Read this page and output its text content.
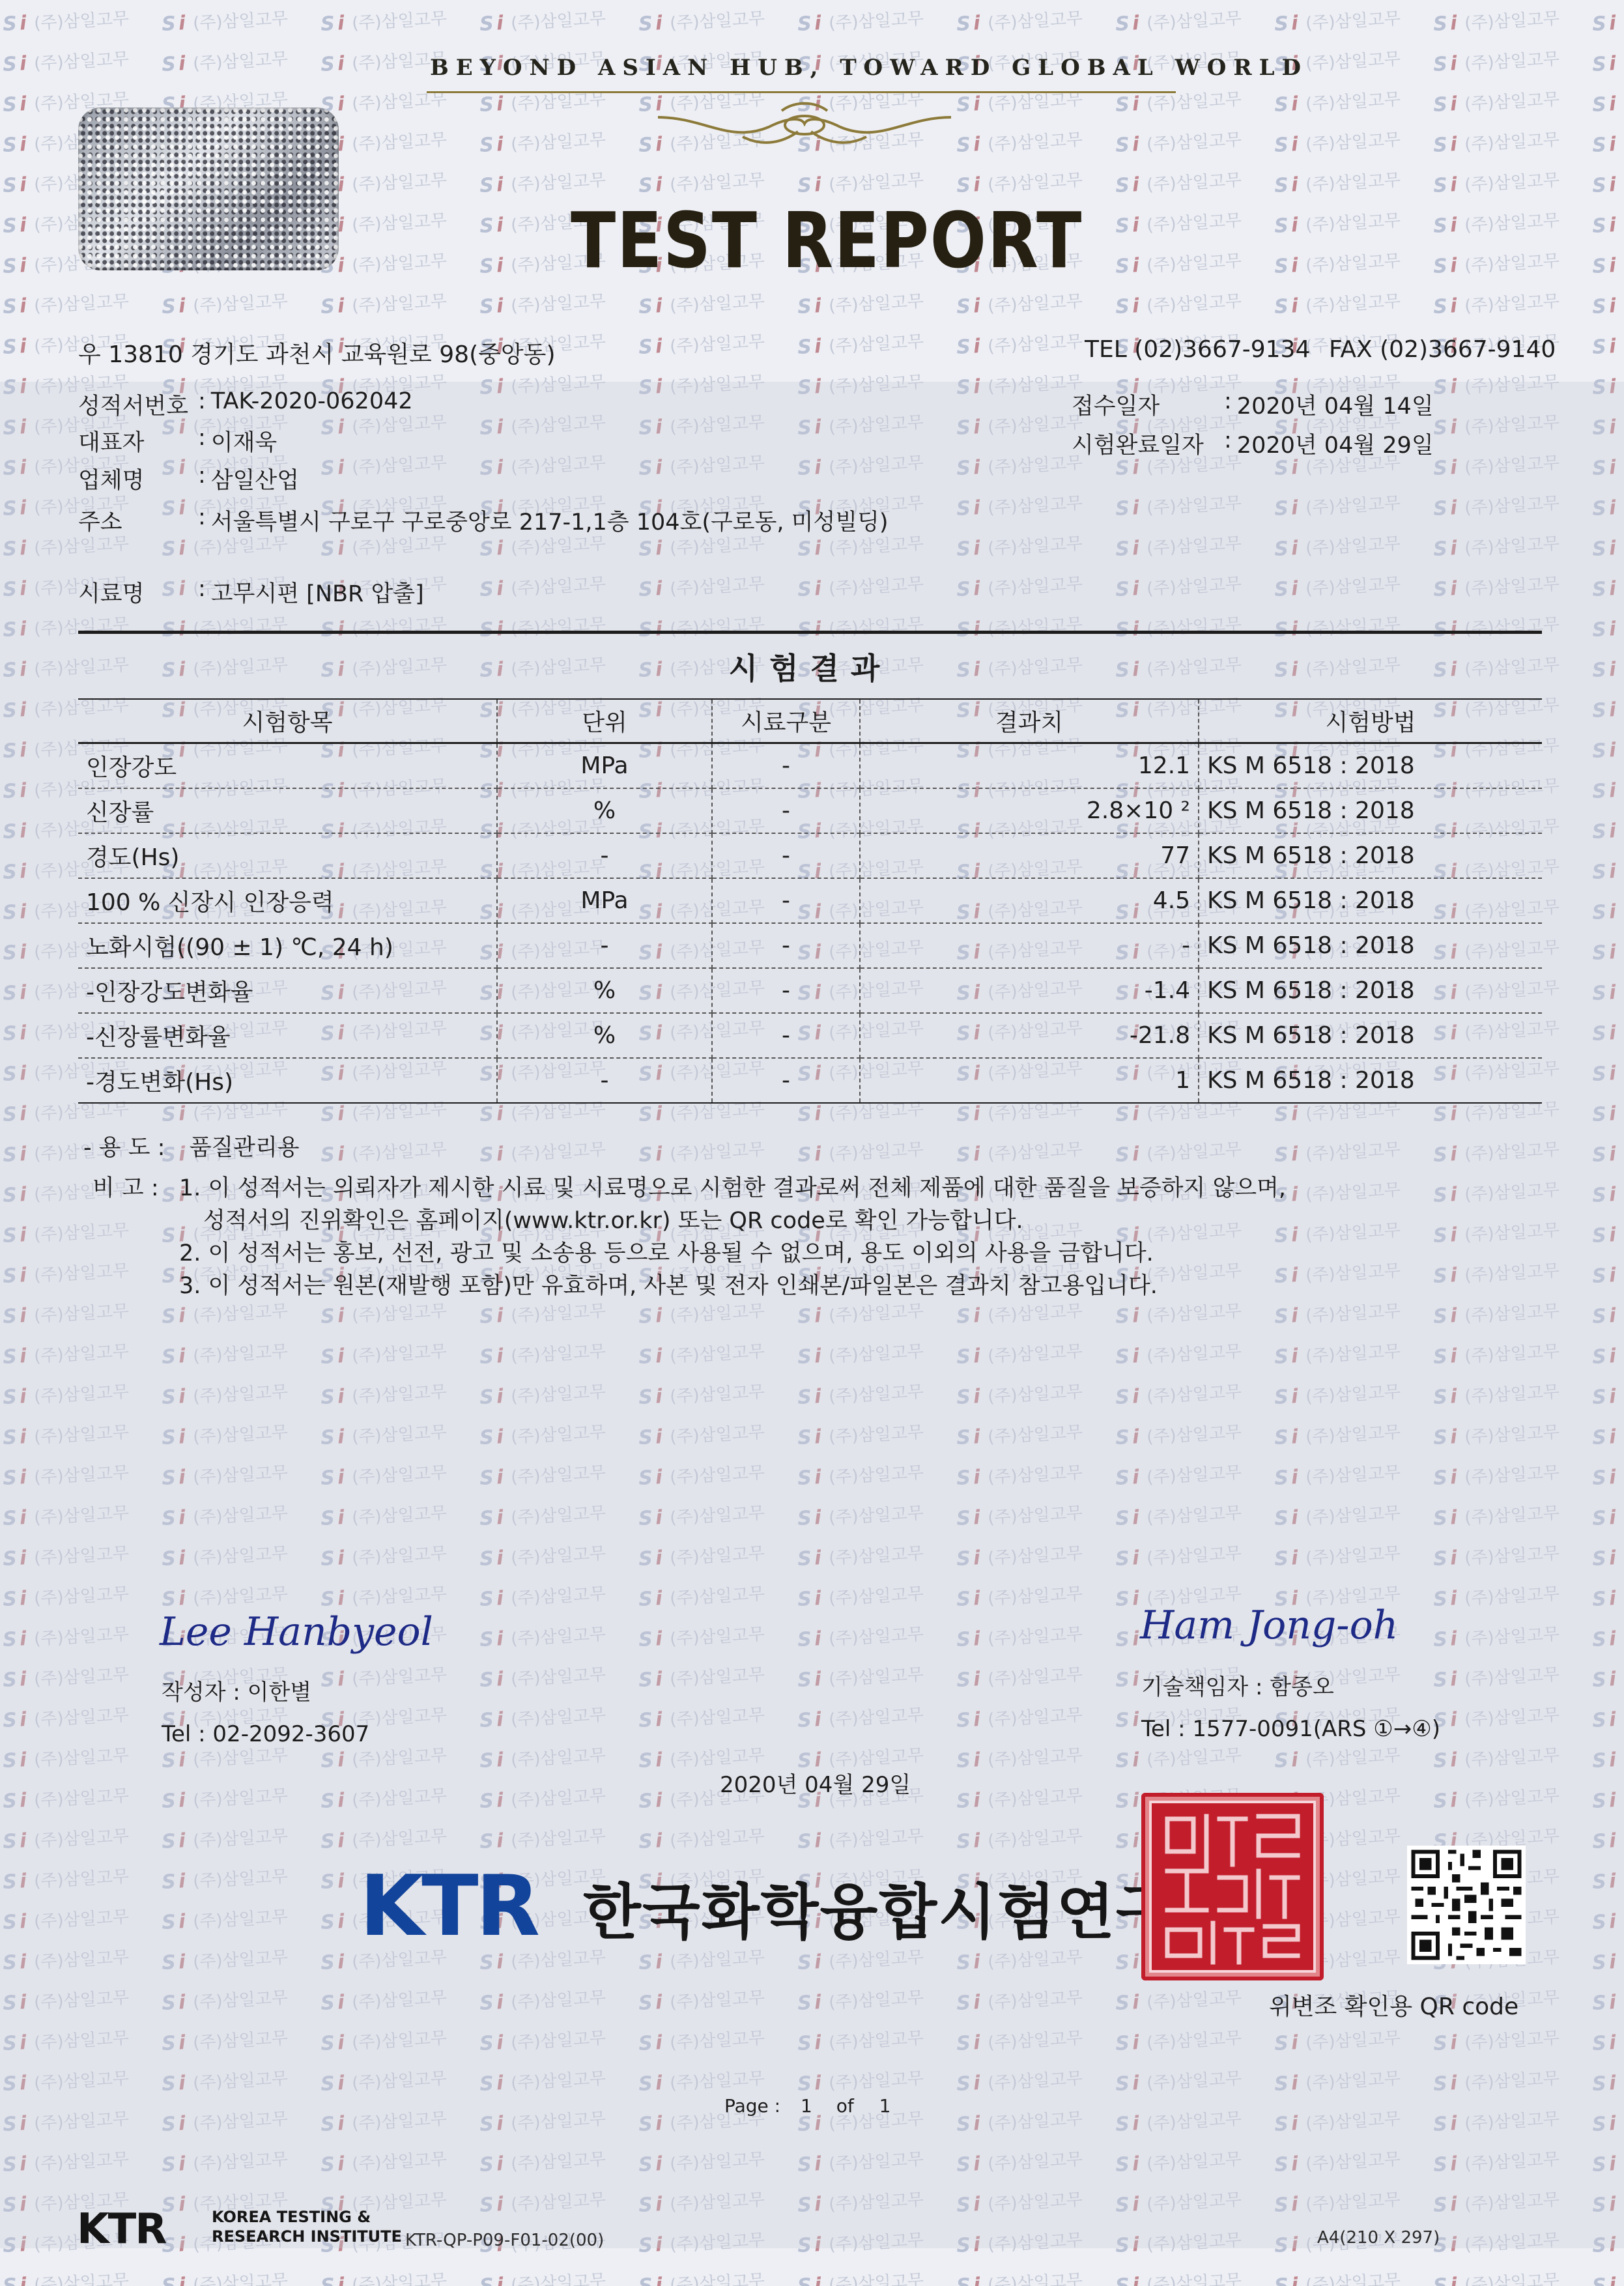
BEYOND ASIAN HUB, TOWARD GLOBAL WORLD
TEST REPORT
우 13810 경기도 과천시 교육원로 98(중앙동)	TEL (02)3667-9134 FAX (02)3667-9140
성적서번호 : TAK-2020-062042
대표자	: 이재욱
업체명	: 삼일산업
주소	: 서울특별시 구로구 구로중앙로 217-1,1층 104호(구로동, 미성빌딩)
시료명	: 고무시편 [NBR 압출]
접수일자	: 2020년 04월 14일
시험완료일자 : 2020년 04월 29일
시험결과
시험항목	단위	시료구분	결과치	시험방법
인장강도	MPa	-	12.1	KS M 6518 : 2018
신장률	%	-	2.8×10 ²	KS M 6518 : 2018
경도(Hs)	-	-	77	KS M 6518 : 2018
100 % 신장시 인장응력	MPa	-	4.5	KS M 6518 : 2018
노화시험((90 ± 1) ℃, 24 h)	-	-	-	KS M 6518 : 2018
-인장강도변화율	%	-	-1.4	KS M 6518 : 2018
-신장률변화율	%	-	-21.8	KS M 6518 : 2018
-경도변화(Hs)	-	-	1	KS M 6518 : 2018
- 용 도 : 품질관리용
비 고 : 1. 이 성적서는 의뢰자가 제시한 시료 및 시료명으로 시험한 결과로써 전체 제품에 대한 품질을 보증하지 않으며,
성적서의 진위확인은 홈페이지(www.ktr.or.kr) 또는 QR code로 확인 가능합니다.
2. 이 성적서는 홍보, 선전, 광고 및 소송용 등으로 사용될 수 없으며, 용도 이외의 사용을 금합니다.
3. 이 성적서는 원본(재발행 포함)만 유효하며, 사본 및 전자 인쇄본/파일본은 결과치 참고용입니다.
Lee Hanbyeol
작성자 : 이한별
Tel : 02-2092-3607
Ham Jong-oh
기술책임자 : 함종오
Tel : 1577-0091(ARS ①→④)
2020년 04월 29일
KTR 한국화학융합시험연구원장
위변조 확인용 QR code
Page : 1 of 1
KTR	KOREA TESTING &
RESEARCH INSTITUTE KTR-QP-P09-F01-02(00)	A4(210 X 297)
